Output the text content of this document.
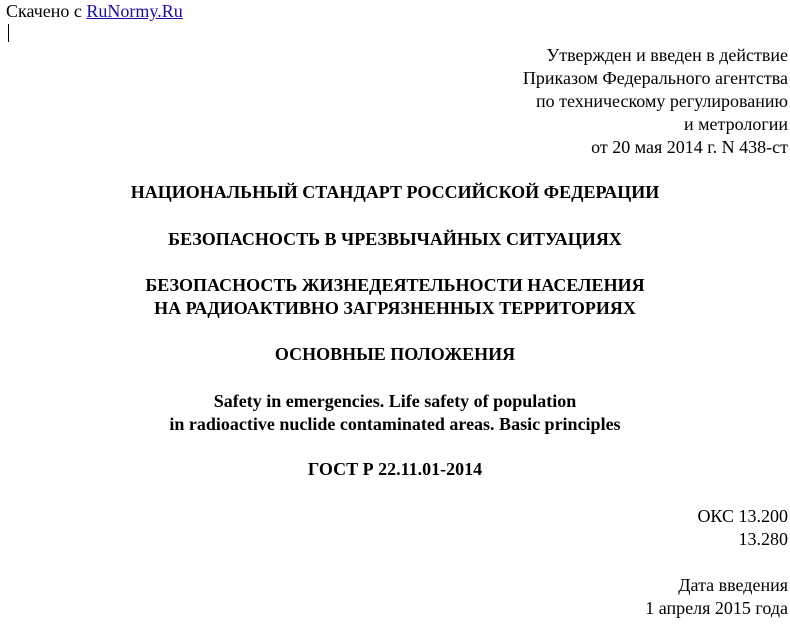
Скачено с RuNormy.Ru
Утвержден и введен в действие
Приказом Федерального агентства
по техническому регулированию
и метрологии
от 20 мая 2014 г. N 438-ст
НАЦИОНАЛЬНЫЙ СТАНДАРТ РОССИЙСКОЙ ФЕДЕРАЦИИ
БЕЗОПАСНОСТЬ В ЧРЕЗВЫЧАЙНЫХ СИТУАЦИЯХ
БЕЗОПАСНОСТЬ ЖИЗНЕДЕЯТЕЛЬНОСТИ НАСЕЛЕНИЯ
НА РАДИОАКТИВНО ЗАГРЯЗНЕННЫХ ТЕРРИТОРИЯХ
ОСНОВНЫЕ ПОЛОЖЕНИЯ
Safety in emergencies. Life safety of population
in radioactive nuclide contaminated areas. Basic principles
ГОСТ Р 22.11.01-2014
ОКС 13.200
13.280
Дата введения
1 апреля 2015 года
